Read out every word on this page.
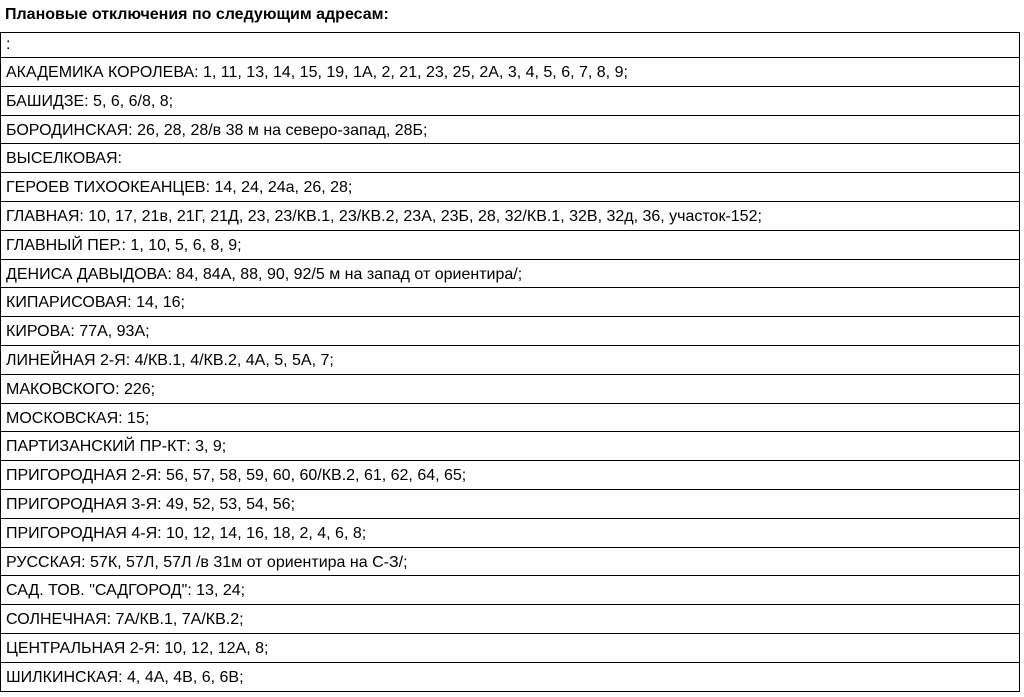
Плановые отключения по следующим адресам:
:
АКАДЕМИКА КОРОЛЕВА: 1, 11, 13, 14, 15, 19, 1А, 2, 21, 23, 25, 2А, 3, 4, 5, 6, 7, 8, 9;
БАШИДЗЕ: 5, 6, 6/8, 8;
БОРОДИНСКАЯ: 26, 28, 28/в 38 м на северо-запад, 28Б;
ВЫСЕЛКОВАЯ:
ГЕРОЕВ ТИХООКЕАНЦЕВ: 14, 24, 24а, 26, 28;
ГЛАВНАЯ: 10, 17, 21в, 21Г, 21Д, 23, 23/КВ.1, 23/КВ.2, 23А, 23Б, 28, 32/КВ.1, 32В, 32д, 36, участок-152;
ГЛАВНЫЙ ПЕР.: 1, 10, 5, 6, 8, 9;
ДЕНИСА ДАВЫДОВА: 84, 84А, 88, 90, 92/5 м на запад от ориентира/;
КИПАРИСОВАЯ: 14, 16;
КИРОВА: 77А, 93А;
ЛИНЕЙНАЯ 2-Я: 4/КВ.1, 4/КВ.2, 4А, 5, 5А, 7;
МАКОВСКОГО: 226;
МОСКОВСКАЯ: 15;
ПАРТИЗАНСКИЙ ПР-КТ: 3, 9;
ПРИГОРОДНАЯ 2-Я: 56, 57, 58, 59, 60, 60/КВ.2, 61, 62, 64, 65;
ПРИГОРОДНАЯ 3-Я: 49, 52, 53, 54, 56;
ПРИГОРОДНАЯ 4-Я: 10, 12, 14, 16, 18, 2, 4, 6, 8;
РУССКАЯ: 57К, 57Л, 57Л /в 31м от ориентира на С-З/;
САД. ТОВ. "САДГОРОД": 13, 24;
СОЛНЕЧНАЯ: 7А/КВ.1, 7А/КВ.2;
ЦЕНТРАЛЬНАЯ 2-Я: 10, 12, 12А, 8;
ШИЛКИНСКАЯ: 4, 4А, 4В, 6, 6В;
